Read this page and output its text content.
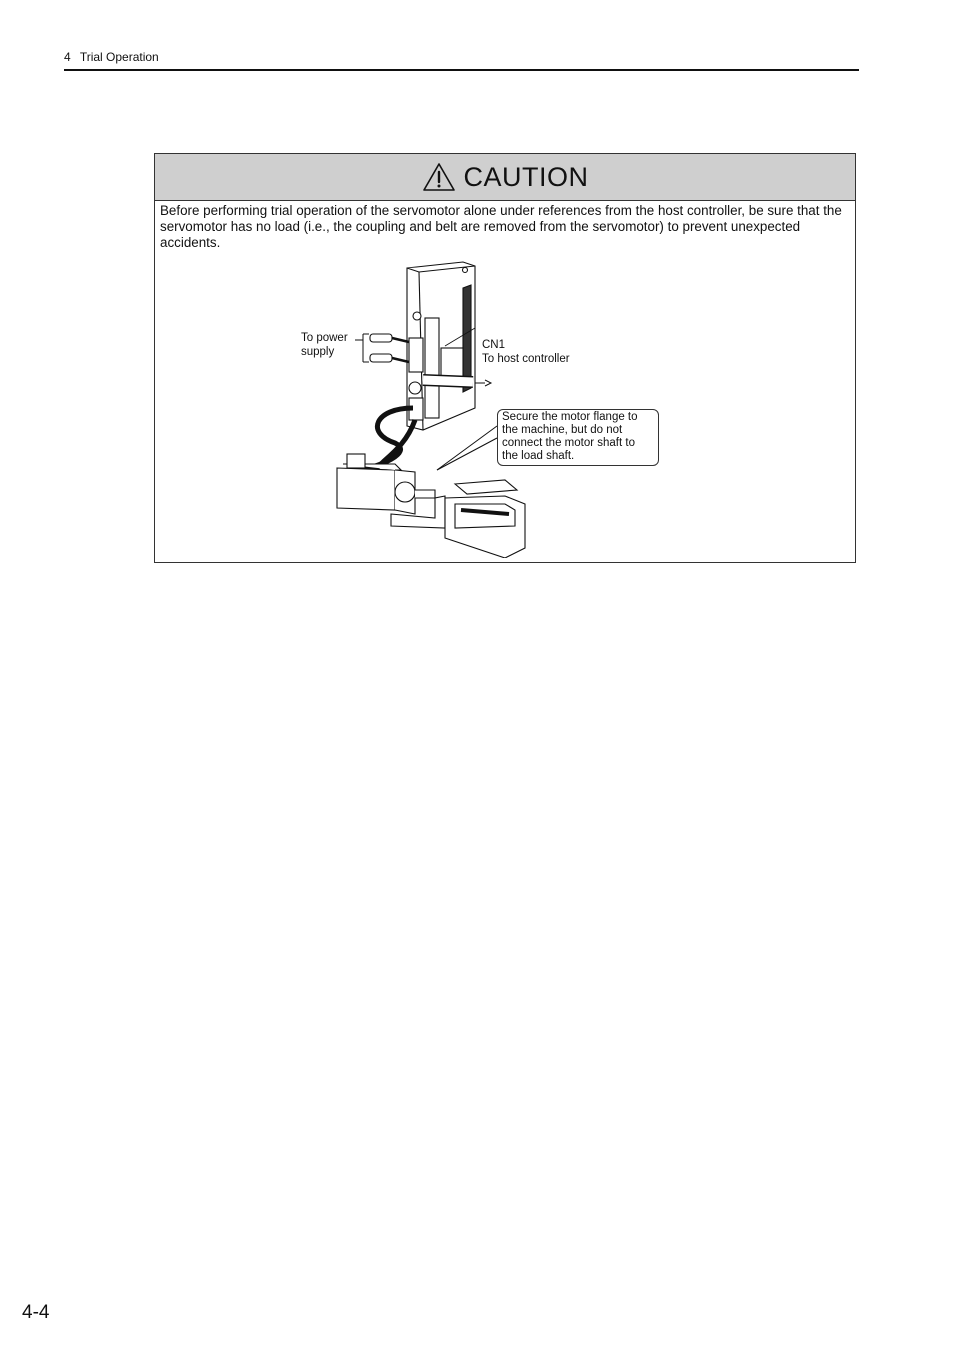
4 Trial Operation
CAUTION
Before performing trial operation of the servomotor alone under references from the host controller, be sure that the servomotor has no load (i.e., the coupling and belt are removed from the servomotor) to prevent unexpected accidents.
To power
supply
CN1
To host controller
Secure the motor flange to
the machine, but do not
connect the motor shaft to
the load shaft.
4-4
